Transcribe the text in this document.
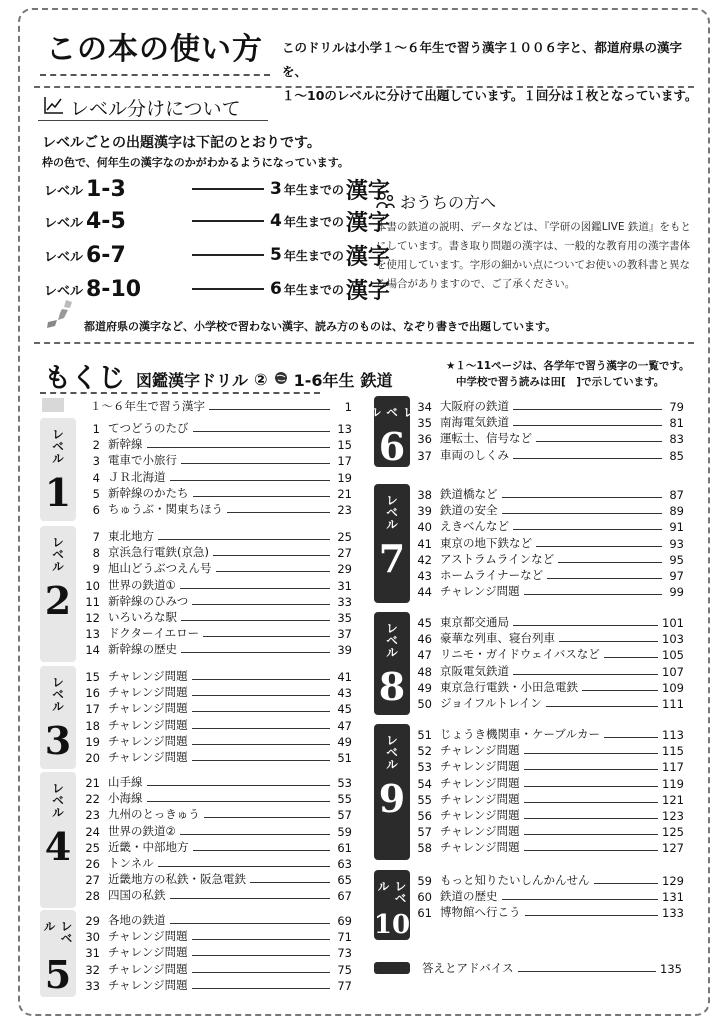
この本の使い方 このドリルは小学１～６年生で習う漢字１００６字と、都道府県の漢字を、
１～10のレベルに分けて出題しています。１回分は１枚となっています。
レベル分けについて
レベルごとの出題漢字は下記のとおりです。
枠の色で、何年生の漢字なのかがわかるようになっています。
レベル 1-3	3 年生までの 漢字
レベル 4-5	4 年生までの 漢字
レベル 6-7	5 年生までの 漢字
レベル 8-10	6 年生までの 漢字
おうちの方へ
本書の鉄道の説明、データなどは、『学研の図鑑LIVE 鉄道』をもとにしています。書き取り問題の漢字は、一般的な教育用の漢字書体を使用しています。字形の細かい点についてお使いの教科書と異なる場合がありますので、ご了承ください。
都道府県の漢字など、小学校で習わない漢字、読み方のものは、なぞり書きで出題しています。
もくじ 図鑑漢字ドリル ② 1-6年生 鉄道
★１～11ページは、各学年で習う漢字の一覧です。
中学校で習う読みは田[　]で示しています。
１～６年生で習う漢字	1
レベル
1
1 てつどうのたび	13
2 新幹線	15
3 電車で小旅行	17
4 ＪＲ北海道	19
5 新幹線のかたち	21
6 ちゅうぶ・関東ちほう	23
レベル
2
7 東北地方	25
8 京浜急行電鉄(京急)	27
9 旭山どうぶつえん号	29
10 世界の鉄道①	31
11 新幹線のひみつ	33
12 いろいろな駅	35
13 ドクターイエロー	37
14 新幹線の歴史	39
レベル
3
15 チャレンジ問題	41
16 チャレンジ問題	43
17 チャレンジ問題	45
18 チャレンジ問題	47
19 チャレンジ問題	49
20 チャレンジ問題	51
レベル
4
21 山手線	53
22 小海線	55
23 九州のとっきゅう	57
24 世界の鉄道②	59
25 近畿・中部地方	61
26 トンネル	63
27 近畿地方の私鉄・阪急電鉄	65
28 四国の私鉄	67
レベル
5
29 各地の鉄道	69
30 チャレンジ問題	71
31 チャレンジ問題	73
32 チャレンジ問題	75
33 チャレンジ問題	77
レベル
6
34 大阪府の鉄道	79
35 南海電気鉄道	81
36 運転士、信号など	83
37 車両のしくみ	85
レベル
7
38 鉄道橋など	87
39 鉄道の安全	89
40 えきべんなど	91
41 東京の地下鉄など	93
42 アストラムラインなど	95
43 ホームライナーなど	97
44 チャレンジ問題	99
レベル
8
45 東京都交通局	101
46 豪華な列車、寝台列車	103
47 リニモ・ガイドウェイバスなど	105
48 京阪電気鉄道	107
49 東京急行電鉄・小田急電鉄	109
50 ジョイフルトレイン	111
レベル
9
51 じょうき機関車・ケーブルカー	113
52 チャレンジ問題	115
53 チャレンジ問題	117
54 チャレンジ問題	119
55 チャレンジ問題	121
56 チャレンジ問題	123
57 チャレンジ問題	125
58 チャレンジ問題	127
レベル
10
59 もっと知りたいしんかんせん	129
60 鉄道の歴史	131
61 博物館へ行こう	133
答えとアドバイス	135
